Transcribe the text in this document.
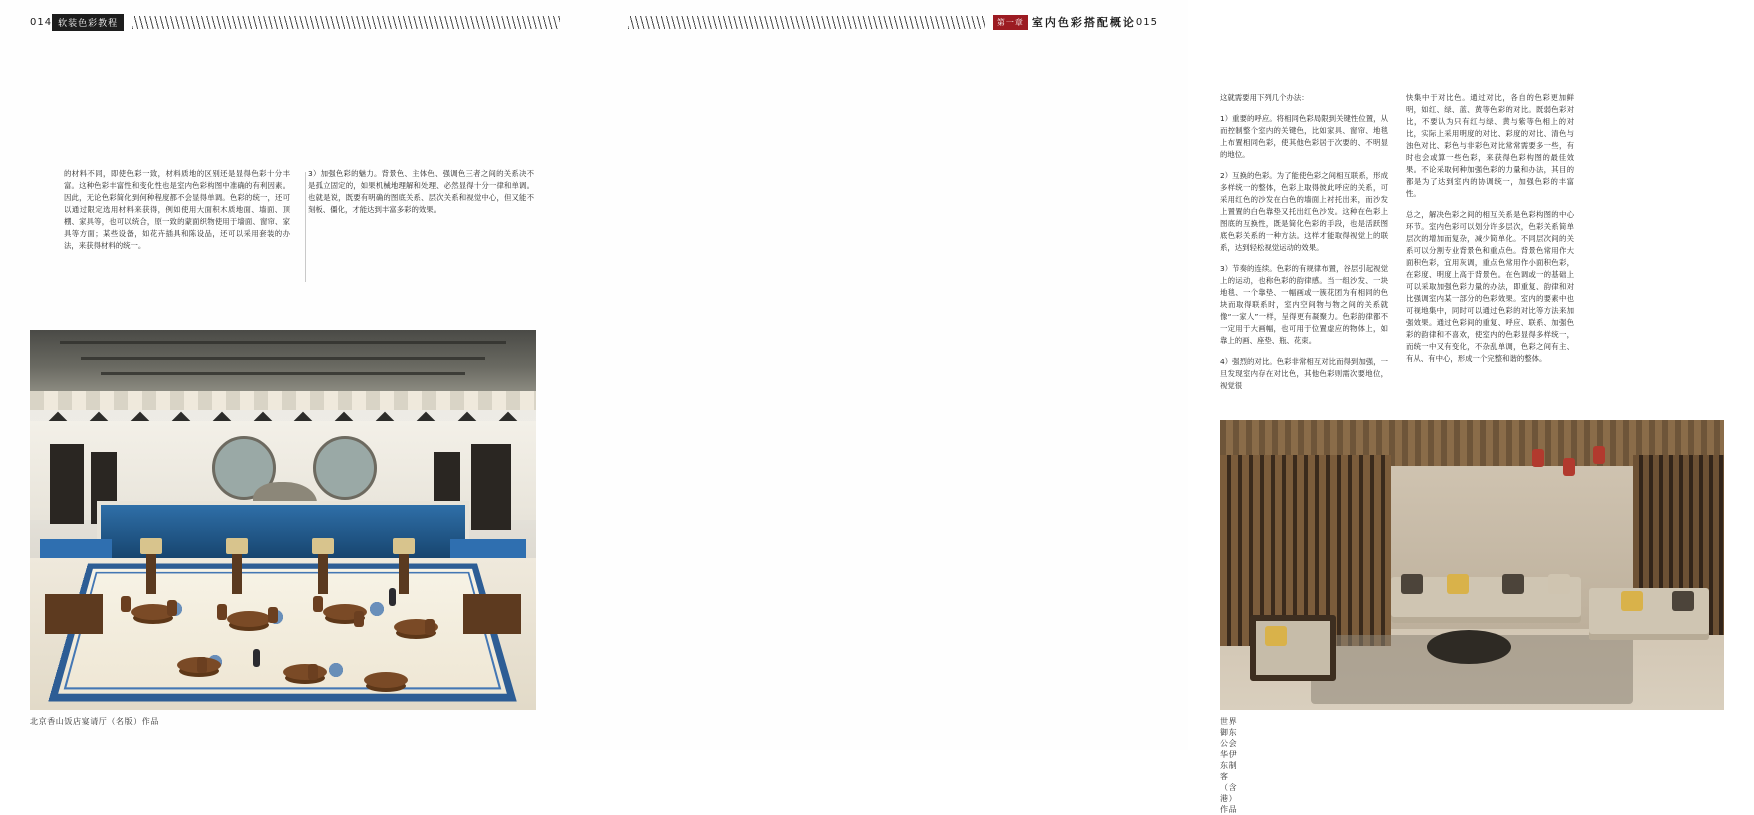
014 软装色彩教程

的材料不同，即使色彩一致，材料质地的区别还是显得色彩十分丰富。这种色彩丰富性和变化性也是室内色彩构图中准确的有利因素。因此，无论色彩简化到何种程度都不会显得单调。色彩的统一，还可以通过限定选用材料来获得，例如使用大面积木质地面、墙面、顶棚、家具等，也可以统合，原一致的蒙面织物使用于墙面、窗帘、家具等方面；某些设备，如花卉插具和陈设品，还可以采用套装的办法，来获得材料的统一。

3）加强色彩的魅力。背景色、主体色、强调色三者之间的关系决不是孤立固定的，如果机械地理解和处理、必然显得十分一律和单调。也就是说，既要有明确的图底关系、层次关系和视觉中心，但又能不刻板、僵化，才能达到丰富多彩的效果。

北京香山饭店宴请厅（名版）作品
第一章 室内色彩搭配概论 015

这就需要用下列几个办法：

1）重要的呼应。将相同色彩局限到关键性位置，从而控制整个室内的关键色，比如家具、窗帘、地毯上布置相同色彩，使其他色彩居于次要的、不明显的地位。

2）互换的色彩。为了能使色彩之间相互联系，形成多样统一的整体，色彩上取得彼此呼应的关系，可采用红色的沙发在白色的墙面上衬托出来，而沙发上置置的白色靠垫又托出红色沙发。这种在色彩上图底的互换性，既是简化色彩的手段，也是活跃图底色彩关系的一种方法。这样才能取得视觉上的联系，达到轻松视觉运动的效果。

3）节奏的连续。色彩的有规律布置，谷层引起视觉上的运动，也称色彩的韵律感。当一组沙发、一块地毯、一个靠垫、一幅画或一簇花团为有相同的色块而取得联系时，室内空间物与物之间的关系就像“一家人”一样，呈得更有凝聚力。色彩韵律都不一定用于大画幅，也可用于位置虚应的物体上，如靠上的画、座垫、瓶、花束。

4）强烈的对比。色彩非常相互对比而得到加强，一旦发现室内存在对比色，其他色彩则需次要地位，视觉很

快集中于对比色。通过对比，各自的色彩更加鲜明，如红、绿、蓝、黄等色彩的对比。既弱色彩对比，不要认为只有红与绿、黄与紫等色相上的对比，实际上采用明度的对比、彩度的对比、清色与浊色对比、彩色与非彩色对比常常需要多一些，有时也会或算一些色彩，来获得色彩构图的最佳效果。不论采取何种加强色彩的力量和办法，其目的都是为了达到室内的协调统一，加强色彩的丰富性。

总之，解决色彩之间的相互关系是色彩构图的中心环节。室内色彩可以划分许多层次，色彩关系简单层次的增加而复杂，减少简单化。不同层次间的关系可以分割专业背景色和重点色。背景色常用作大面积色彩，宜用灰调，重点色常用作小面积色彩，在彩度、明度上高于背景色。在色调或一的基础上可以采取加强色彩力量的办法，即重复、韵律和对比强调室内某一部分的色彩效果。室内的要素中也可视地集中，同时可以通过色彩的对比等方法来加强效果。通过色彩间的重复、呼应、联系、加强色彩的韵律和不喜欢，使室内的色彩显得多样统一，而统一中又有变化，不杂乱单调，色彩之间有主、有从、有中心，形成一个完整和谐的整体。

世界御东公会华伊东制客（含港）作品
